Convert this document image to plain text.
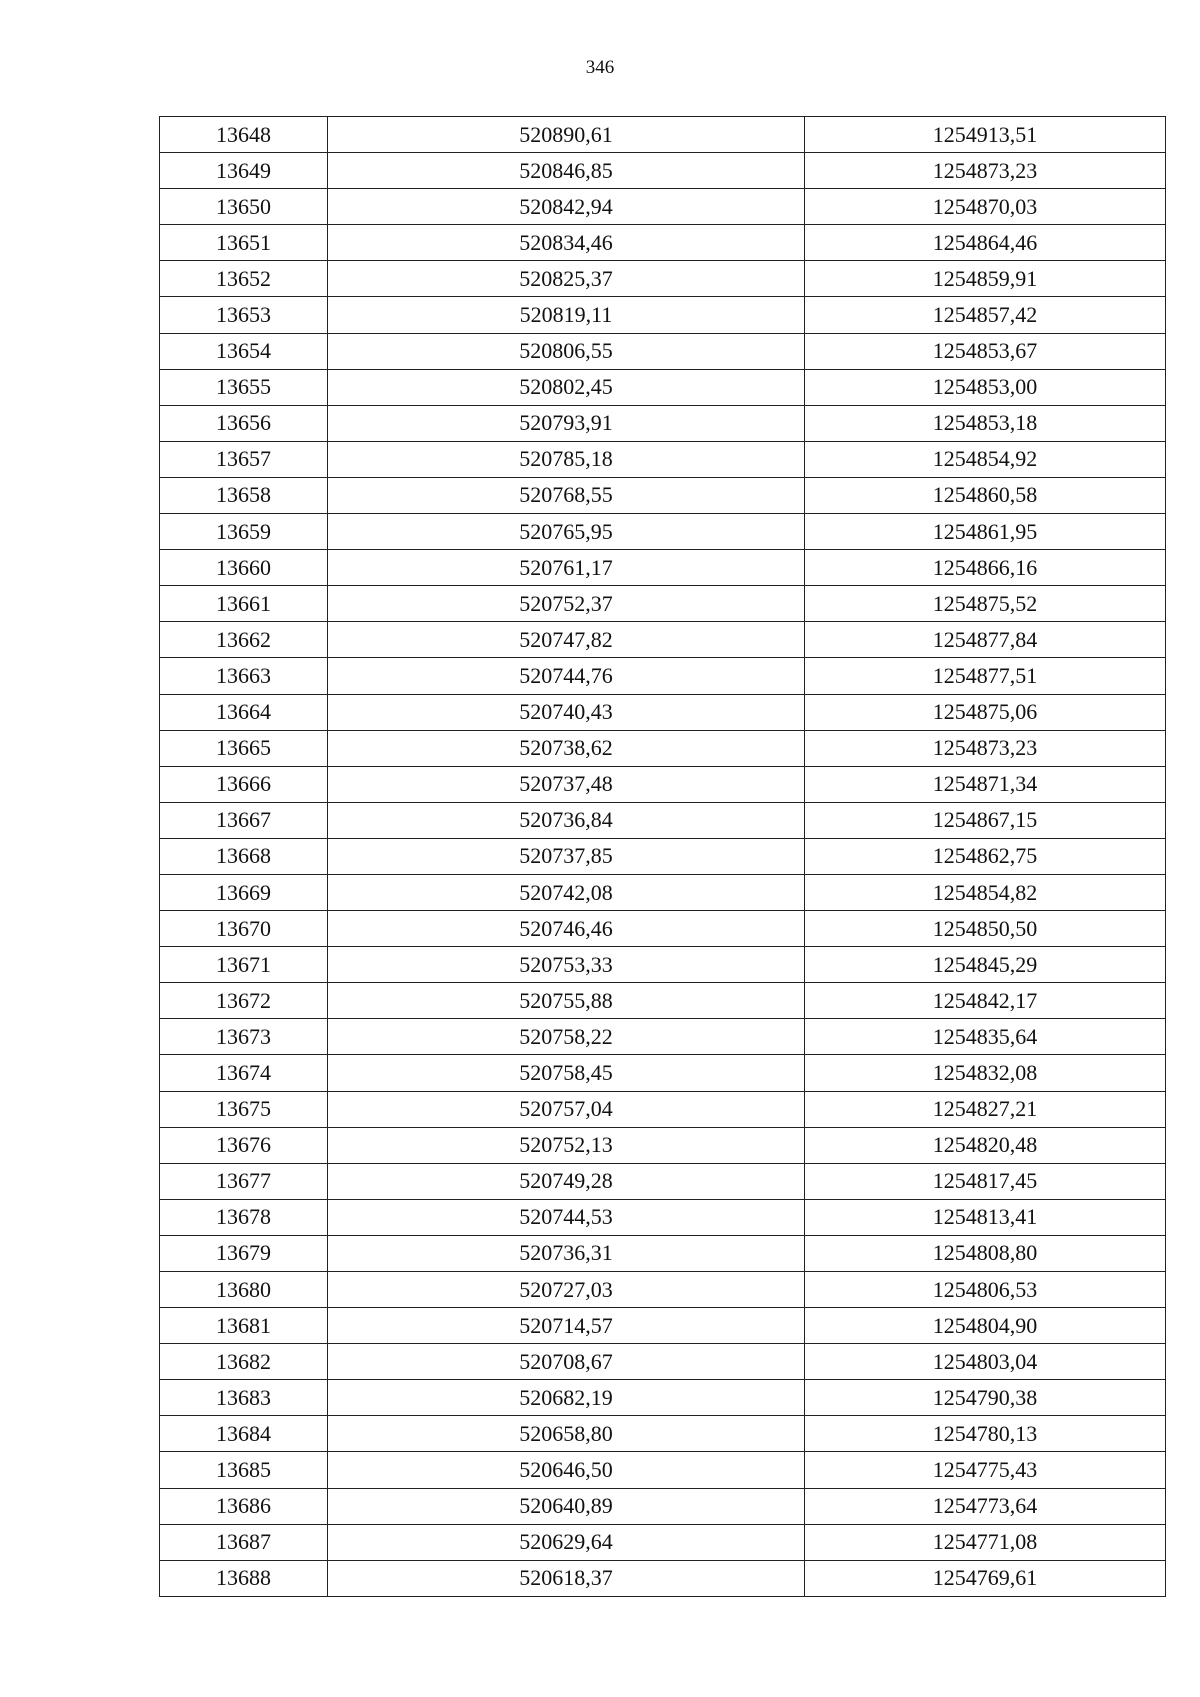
346
13648	520890,61	1254913,51
13649	520846,85	1254873,23
13650	520842,94	1254870,03
13651	520834,46	1254864,46
13652	520825,37	1254859,91
13653	520819,11	1254857,42
13654	520806,55	1254853,67
13655	520802,45	1254853,00
13656	520793,91	1254853,18
13657	520785,18	1254854,92
13658	520768,55	1254860,58
13659	520765,95	1254861,95
13660	520761,17	1254866,16
13661	520752,37	1254875,52
13662	520747,82	1254877,84
13663	520744,76	1254877,51
13664	520740,43	1254875,06
13665	520738,62	1254873,23
13666	520737,48	1254871,34
13667	520736,84	1254867,15
13668	520737,85	1254862,75
13669	520742,08	1254854,82
13670	520746,46	1254850,50
13671	520753,33	1254845,29
13672	520755,88	1254842,17
13673	520758,22	1254835,64
13674	520758,45	1254832,08
13675	520757,04	1254827,21
13676	520752,13	1254820,48
13677	520749,28	1254817,45
13678	520744,53	1254813,41
13679	520736,31	1254808,80
13680	520727,03	1254806,53
13681	520714,57	1254804,90
13682	520708,67	1254803,04
13683	520682,19	1254790,38
13684	520658,80	1254780,13
13685	520646,50	1254775,43
13686	520640,89	1254773,64
13687	520629,64	1254771,08
13688	520618,37	1254769,61
